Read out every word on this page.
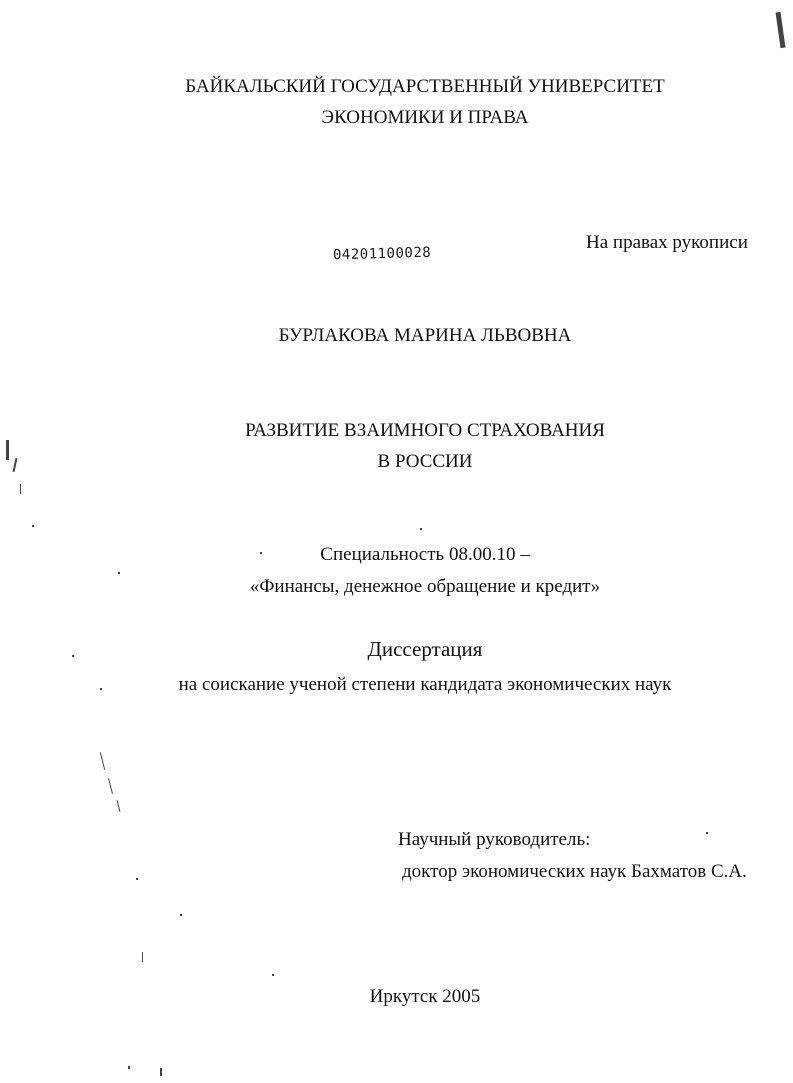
БАЙКАЛЬСКИЙ ГОСУДАРСТВЕННЫЙ УНИВЕРСИТЕТ
ЭКОНОМИКИ И ПРАВА
04201100028
На правах рукописи
БУРЛАКОВА МАРИНА ЛЬВОВНА
РАЗВИТИЕ ВЗАИМНОГО СТРАХОВАНИЯ
В РОССИИ
Специальность 08.00.10 –
«Финансы, денежное обращение и кредит»
Диссертация
на соискание ученой степени кандидата экономических наук
Научный руководитель:
доктор экономических наук Бахматов С.А.
Иркутск 2005
